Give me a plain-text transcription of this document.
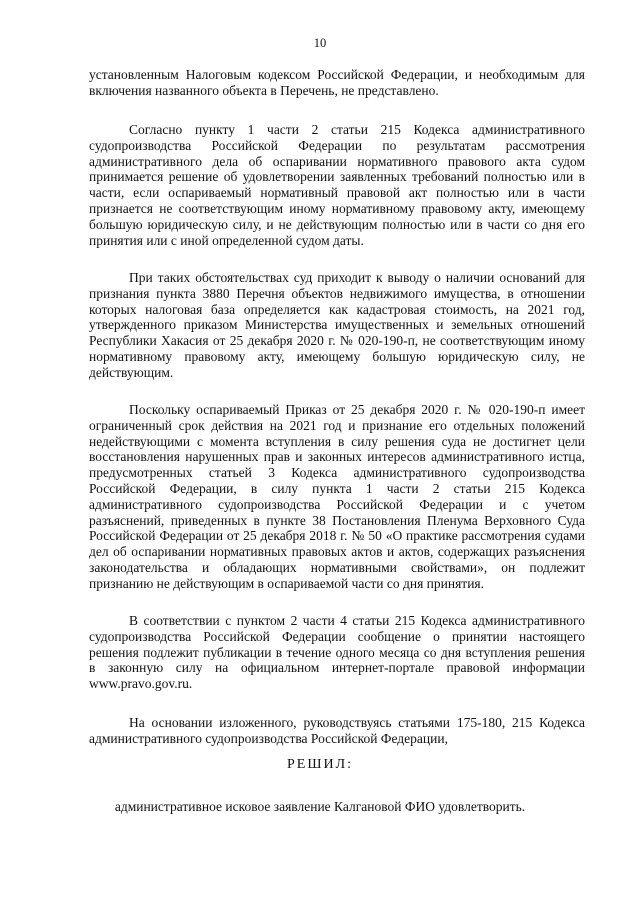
10

установленным Налоговым кодексом Российской Федерации, и необходимым для включения названного объекта в Перечень, не представлено.

Согласно пункту 1 части 2 статьи 215 Кодекса административного судопроизводства Российской Федерации по результатам рассмотрения административного дела об оспаривании нормативного правового акта судом принимается решение об удовлетворении заявленных требований полностью или в части, если оспариваемый нормативный правовой акт полностью или в части признается не соответствующим иному нормативному правовому акту, имеющему большую юридическую силу, и не действующим полностью или в части со дня его принятия или с иной определенной судом даты.

При таких обстоятельствах суд приходит к выводу о наличии оснований для признания пункта 3880 Перечня объектов недвижимого имущества, в отношении которых налоговая база определяется как кадастровая стоимость, на 2021 год, утвержденного приказом Министерства имущественных и земельных отношений Республики Хакасия от 25 декабря 2020 г. № 020-190-п, не соответствующим иному нормативному правовому акту, имеющему большую юридическую силу, не действующим.

Поскольку оспариваемый Приказ от 25 декабря 2020 г. № 020-190-п имеет ограниченный срок действия на 2021 год и признание его отдельных положений недействующими с момента вступления в силу решения суда не достигнет цели восстановления нарушенных прав и законных интересов административного истца, предусмотренных статьей 3 Кодекса административного судопроизводства Российской Федерации, в силу пункта 1 части 2 статьи 215 Кодекса административного судопроизводства Российской Федерации и с учетом разъяснений, приведенных в пункте 38 Постановления Пленума Верховного Суда Российской Федерации от 25 декабря 2018 г. № 50 «О практике рассмотрения судами дел об оспаривании нормативных правовых актов и актов, содержащих разъяснения законодательства и обладающих нормативными свойствами», он подлежит признанию не действующим в оспариваемой части со дня принятия.

В соответствии с пунктом 2 части 4 статьи 215 Кодекса административного судопроизводства Российской Федерации сообщение о принятии настоящего решения подлежит публикации в течение одного месяца со дня вступления решения в законную силу на официальном интернет-портале правовой информации www.pravo.gov.ru.

На основании изложенного, руководствуясь статьями 175-180, 215 Кодекса административного судопроизводства Российской Федерации,

РЕШИЛ:
административное исковое заявление Калгановой ФИО удовлетворить.
